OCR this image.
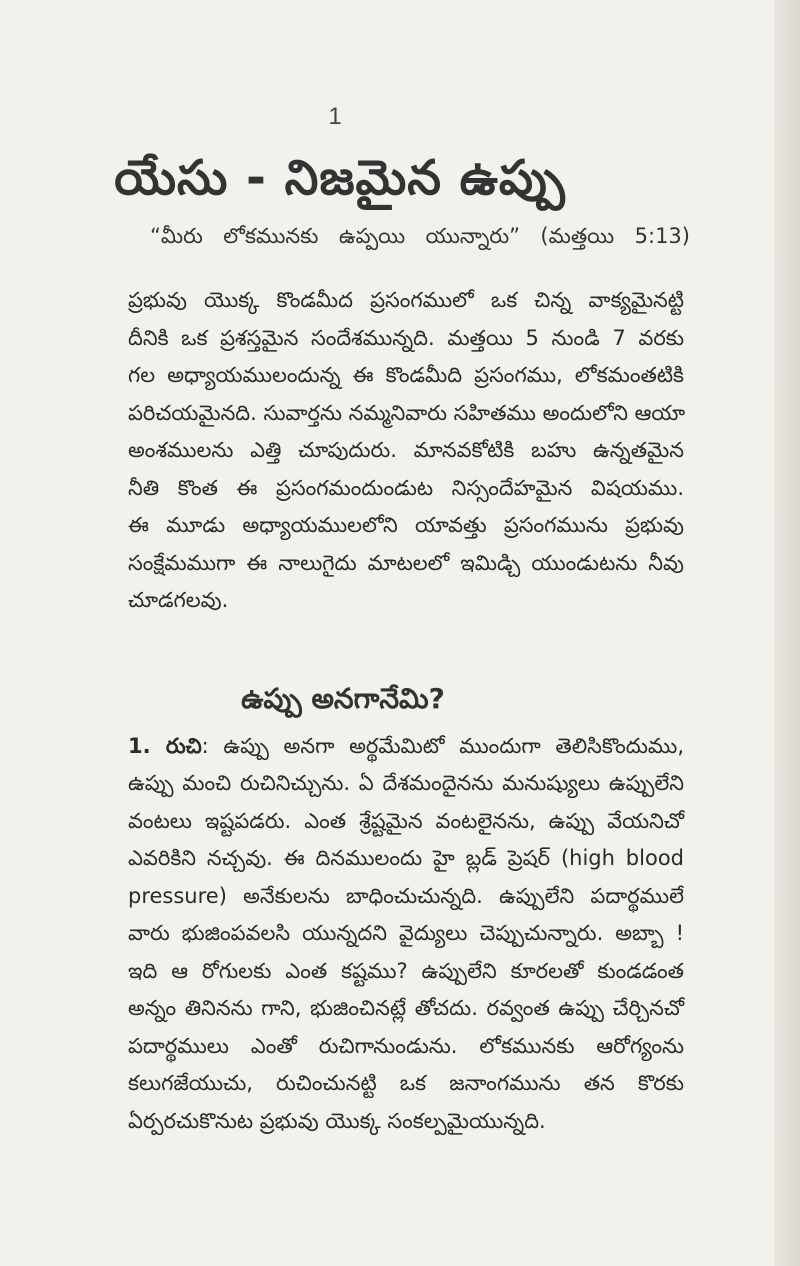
1
యేసు - నిజమైన ఉప్పు
“మీరు లోకమునకు ఉప్పయి యున్నారు” (మత్తయి 5:13)
ప్రభువు యొక్క కొండమీద ప్రసంగములో ఒక చిన్న వాక్యమైనట్టి
దీనికి ఒక ప్రశస్తమైన సందేశమున్నది. మత్తయి 5 నుండి 7 వరకు
గల అధ్యాయములందున్న ఈ కొండమీది ప్రసంగము, లోకమంతటికి
పరిచయమైనది. సువార్తను నమ్మనివారు సహితము అందులోని ఆయా
అంశములను ఎత్తి చూపుదురు. మానవకోటికి బహు ఉన్నతమైన
నీతి కొంత ఈ ప్రసంగమందుండుట నిస్సందేహమైన విషయము.
ఈ మూడు అధ్యాయములలోని యావత్తు ప్రసంగమును ప్రభువు
సంక్షేమముగా ఈ నాలుగైదు మాటలలో ఇమిడ్చి యుండుటను నీవు
చూడగలవు.
ఉప్పు అనగానేమి?
1. రుచి: ఉప్పు అనగా అర్థమేమిటో ముందుగా తెలిసికొందుము,
ఉప్పు మంచి రుచినిచ్చును. ఏ దేశమందైనను మనుష్యులు ఉప్పులేని
వంటలు ఇష్టపడరు. ఎంత శ్రేష్టమైన వంటలైనను, ఉప్పు వేయనిచో
ఎవరికిని నచ్చవు. ఈ దినములందు హై బ్లడ్ ప్రెషర్ (high blood
pressure) అనేకులను బాధించుచున్నది. ఉప్పులేని పదార్థములే
వారు భుజింపవలసి యున్నదని వైద్యులు చెప్పుచున్నారు. అబ్బా !
ఇది ఆ రోగులకు ఎంత కష్టము? ఉప్పులేని కూరలతో కుండడంత
అన్నం తినినను గాని, భుజించినట్లే తోచదు. రవ్వంత ఉప్పు చేర్చినచో
పదార్థములు ఎంతో రుచిగానుండును. లోకమునకు ఆరోగ్యంను
కలుగజేయుచు, రుచించునట్టి ఒక జనాంగమును తన కొరకు
ఏర్పరచుకొనుట ప్రభువు యొక్క సంకల్పమైయున్నది.
